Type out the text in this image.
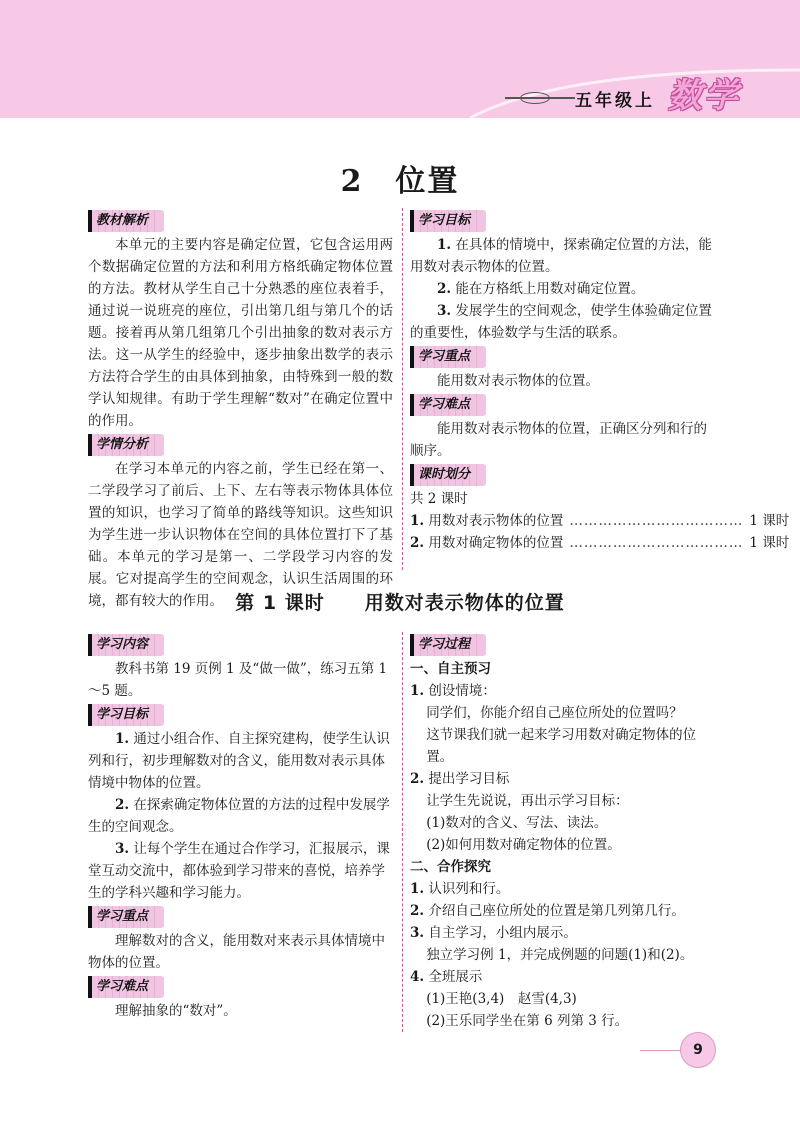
五年级上 数学
2　位置
教材解析

本单元的主要内容是确定位置，它包含运用两个数据确定位置的方法和利用方格纸确定物体位置的方法。教材从学生自己十分熟悉的座位表着手，通过说一说班亮的座位，引出第几组与第几个的话题。接着再从第几组第几个引出抽象的数对表示方法。这一从学生的经验中，逐步抽象出数学的表示方法符合学生的由具体到抽象，由特殊到一般的数学认知规律。有助于学生理解“数对”在确定位置中的作用。

学情分析

在学习本单元的内容之前，学生已经在第一、二学段学习了前后、上下、左右等表示物体具体位置的知识，也学习了简单的路线等知识。这些知识为学生进一步认识物体在空间的具体位置打下了基础。本单元的学习是第一、二学段学习内容的发展。它对提高学生的空间观念，认识生活周围的环境，都有较大的作用。

学习目标

1. 在具体的情境中，探索确定位置的方法，能用数对表示物体的位置。

2. 能在方格纸上用数对确定位置。

3. 发展学生的空间观念，使学生体验确定位置的重要性，体验数学与生活的联系。

学习重点

能用数对表示物体的位置。

学习难点

能用数对表示物体的位置，正确区分列和行的顺序。

课时划分

共 2 课时

1. 用数对表示物体的位置 ……………………………… 1 课时
2. 用数对确定物体的位置 ……………………………… 1 课时
第 1 课时　　用数对表示物体的位置
学习内容

教科书第 19 页例 1 及“做一做”，练习五第 1～5 题。

学习目标

1. 通过小组合作、自主探究建构，使学生认识列和行，初步理解数对的含义，能用数对表示具体情境中物体的位置。

2. 在探索确定物体位置的方法的过程中发展学生的空间观念。

3. 让每个学生在通过合作学习，汇报展示，课堂互动交流中，都体验到学习带来的喜悦，培养学生的学科兴趣和学习能力。

学习重点

理解数对的含义，能用数对来表示具体情境中物体的位置。

学习难点

理解抽象的“数对”。

学习过程

一、自主预习

1. 创设情境：

同学们，你能介绍自己座位所处的位置吗？

这节课我们就一起来学习用数对确定物体的位置。

2. 提出学习目标

让学生先说说，再出示学习目标：

(1)数对的含义、写法、读法。

(2)如何用数对确定物体的位置。

二、合作探究

1. 认识列和行。

2. 介绍自己座位所处的位置是第几列第几行。

3. 自主学习，小组内展示。

独立学习例 1，并完成例题的问题(1)和(2)。

4. 全班展示

(1)王艳(3,4)　赵雪(4,3)

(2)王乐同学坐在第 6 列第 3 行。

9
